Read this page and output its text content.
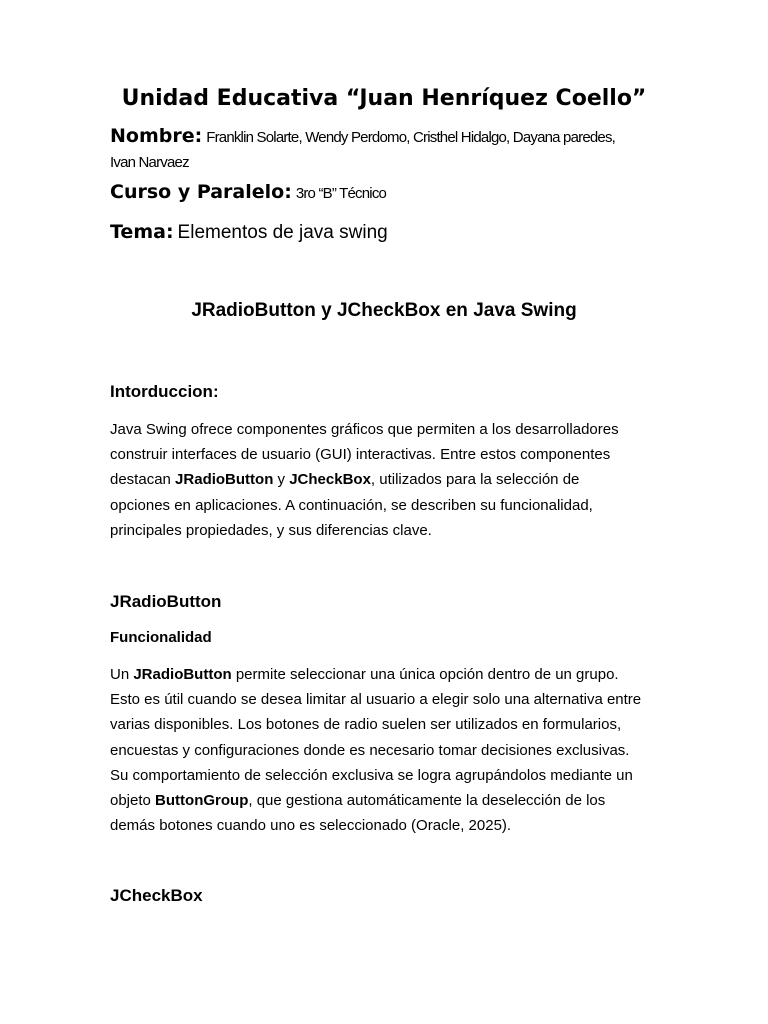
Unidad Educativa “Juan Henríquez Coello”
Nombre: Franklin Solarte, Wendy Perdomo, Cristhel Hidalgo, Dayana paredes,
Ivan Narvaez
Curso y Paralelo: 3ro “B” Técnico
Tema: Elementos de java swing
JRadioButton y JCheckBox en Java Swing
Intorduccion:
Java Swing ofrece componentes gráficos que permiten a los desarrolladores
construir interfaces de usuario (GUI) interactivas. Entre estos componentes
destacan JRadioButton y JCheckBox, utilizados para la selección de
opciones en aplicaciones. A continuación, se describen su funcionalidad,
principales propiedades, y sus diferencias clave.
JRadioButton
Funcionalidad
Un JRadioButton permite seleccionar una única opción dentro de un grupo.
Esto es útil cuando se desea limitar al usuario a elegir solo una alternativa entre
varias disponibles. Los botones de radio suelen ser utilizados en formularios,
encuestas y configuraciones donde es necesario tomar decisiones exclusivas.
Su comportamiento de selección exclusiva se logra agrupándolos mediante un
objeto ButtonGroup, que gestiona automáticamente la deselección de los
demás botones cuando uno es seleccionado (Oracle, 2025).
JCheckBox
